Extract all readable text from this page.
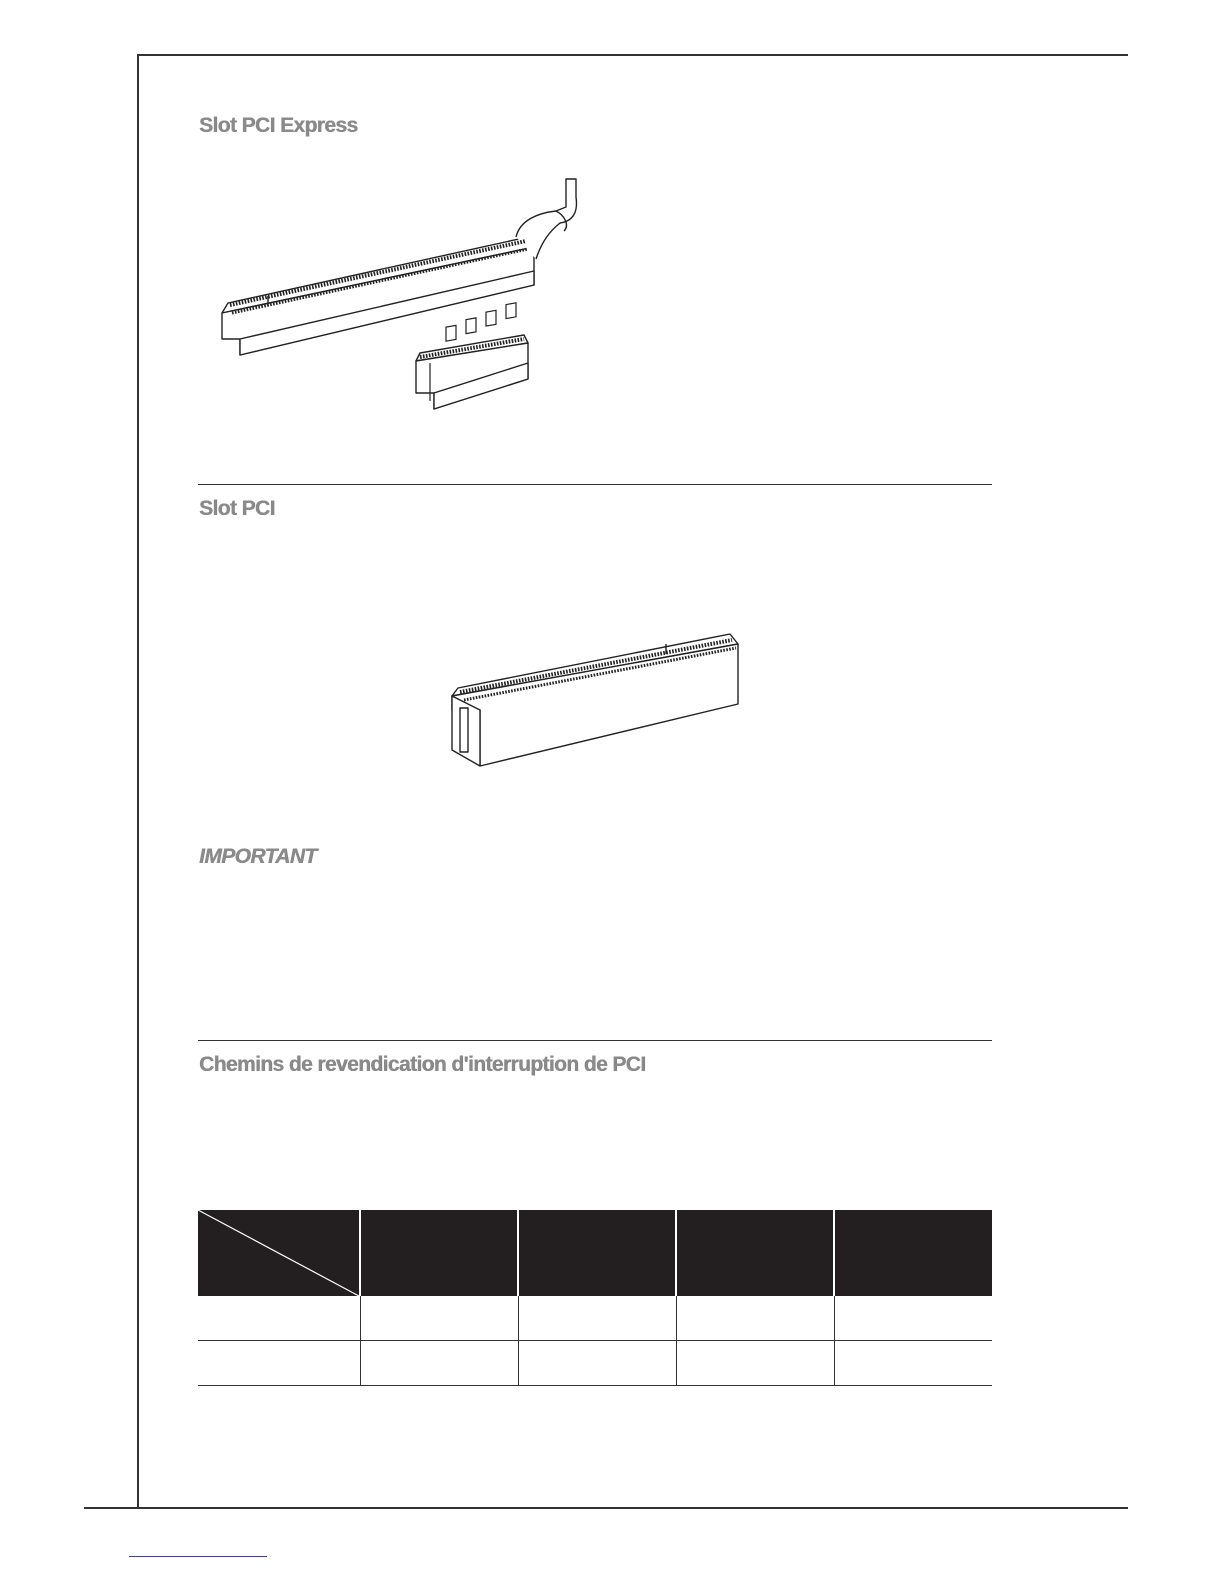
Slot PCI Express
Slot PCI
IMPORTANT
Chemins de revendication d'interruption de PCI
